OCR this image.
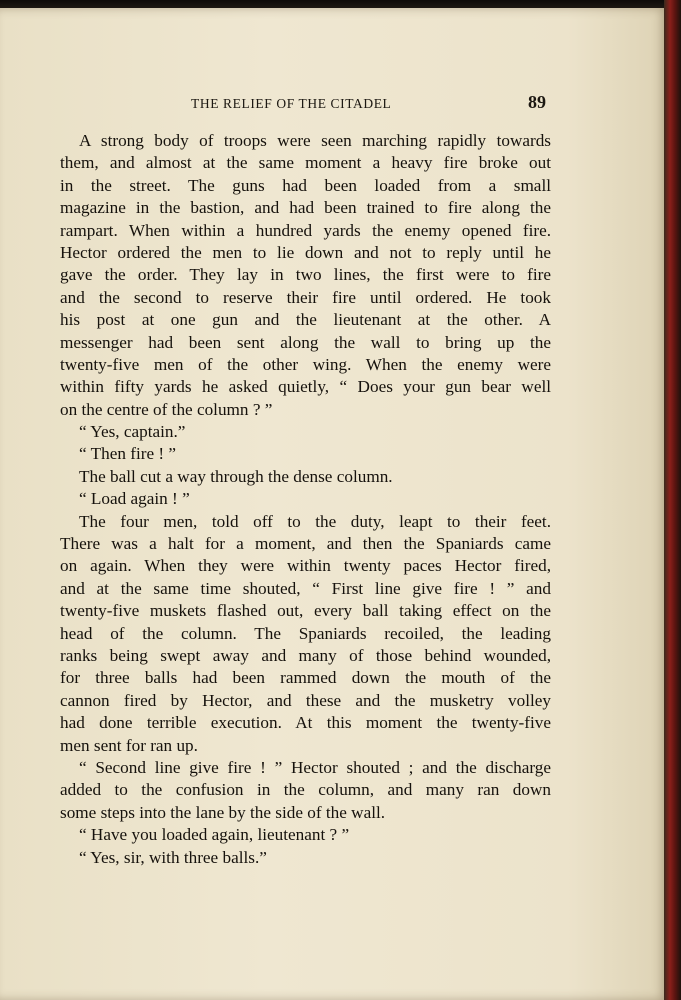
THE RELIEF OF THE CITADEL	89
A strong body of troops were seen marching rapidly towards
them, and almost at the same moment a heavy fire broke out
in the street. The guns had been loaded from a small
magazine in the bastion, and had been trained to fire along the
rampart. When within a hundred yards the enemy opened fire.
Hector ordered the men to lie down and not to reply until he
gave the order. They lay in two lines, the first were to fire
and the second to reserve their fire until ordered. He took
his post at one gun and the lieutenant at the other. A
messenger had been sent along the wall to bring up the
twenty-five men of the other wing. When the enemy were
within fifty yards he asked quietly, “ Does your gun bear well
on the centre of the column ? ”
“ Yes, captain.”
“ Then fire ! ”
The ball cut a way through the dense column.
“ Load again ! ”
The four men, told off to the duty, leapt to their feet.
There was a halt for a moment, and then the Spaniards came
on again. When they were within twenty paces Hector fired,
and at the same time shouted, “ First line give fire ! ” and
twenty-five muskets flashed out, every ball taking effect on the
head of the column. The Spaniards recoiled, the leading
ranks being swept away and many of those behind wounded,
for three balls had been rammed down the mouth of the
cannon fired by Hector, and these and the musketry volley
had done terrible execution. At this moment the twenty-five
men sent for ran up.
“ Second line give fire ! ” Hector shouted ; and the discharge
added to the confusion in the column, and many ran down
some steps into the lane by the side of the wall.
“ Have you loaded again, lieutenant ? ”
“ Yes, sir, with three balls.”
